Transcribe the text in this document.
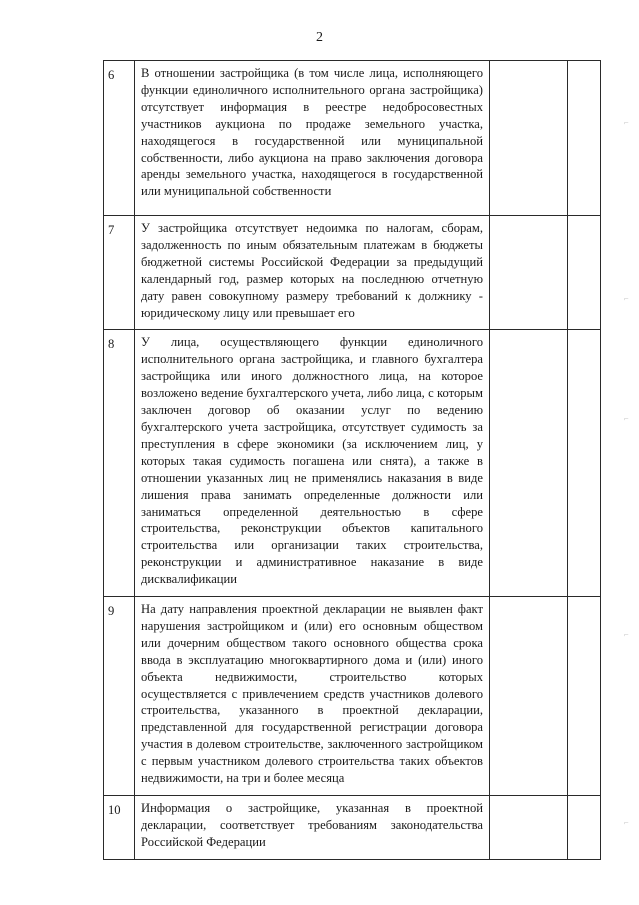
2
6	В отношении застройщика (в том числе лица, исполняющего функции единоличного исполнительного органа застройщика) отсутствует информация в реестре недобросовестных участников аукциона по продаже земельного участка, находящегося в государственной или муниципальной собственности, либо аукциона на право заключения договора аренды земельного участка, находящегося в государственной или муниципальной собственности		
7	У застройщика отсутствует недоимка по налогам, сборам, задолженность по иным обязательным платежам в бюджеты бюджетной системы Российской Федерации за предыдущий календарный год, размер которых на последнюю отчетную дату равен совокупному размеру требований к должнику - юридическому лицу или превышает его		
8	У лица, осуществляющего функции единоличного исполнительного органа застройщика, и главного бухгалтера застройщика или иного должностного лица, на которое возложено ведение бухгалтерского учета, либо лица, с которым заключен договор об оказании услуг по ведению бухгалтерского учета застройщика, отсутствует судимость за преступления в сфере экономики (за исключением лиц, у которых такая судимость погашена или снята), а также в отношении указанных лиц не применялись наказания в виде лишения права занимать определенные должности или заниматься определенной деятельностью в сфере строительства, реконструкции объектов капитального строительства или организации таких строительства, реконструкции и административное наказание в виде дисквалификации		
9	На дату направления проектной декларации не выявлен факт нарушения застройщиком и (или) его основным обществом или дочерним обществом такого основного общества срока ввода в эксплуатацию многоквартирного дома и (или) иного объекта недвижимости, строительство которых осуществляется с привлечением средств участников долевого строительства, указанного в проектной декларации, представленной для государственной регистрации договора участия в долевом строительстве, заключенного застройщиком с первым участником долевого строительства таких объектов недвижимости, на три и более месяца		
10	Информация о застройщике, указанная в проектной декларации, соответствует требованиям законодательства Российской Федерации		
⌐
⌐
⌐
⌐
⌐
